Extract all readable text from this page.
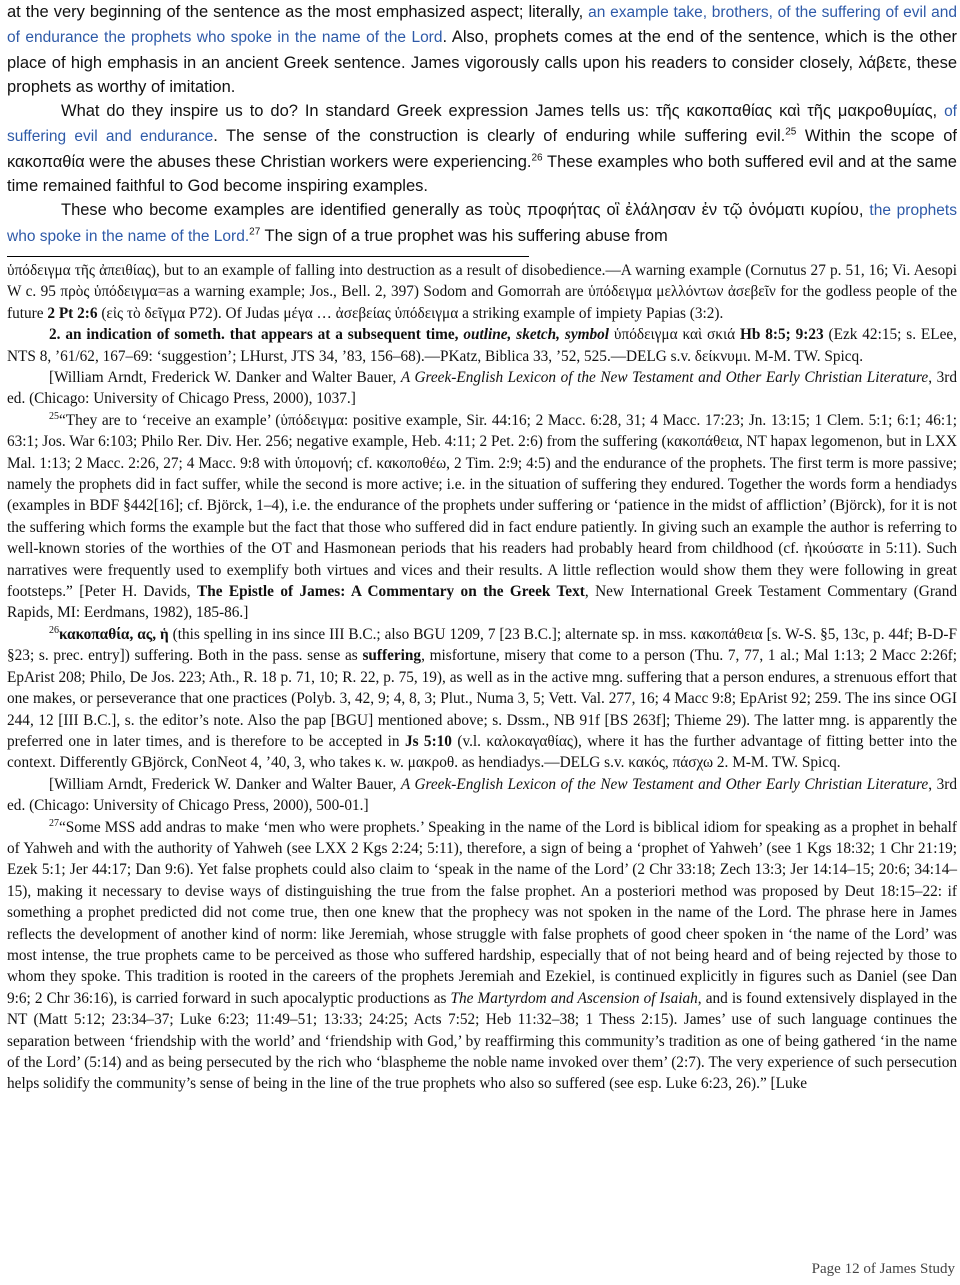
at the very beginning of the sentence as the most emphasized aspect; literally, an example take, brothers, of the suffering of evil and of endurance the prophets who spoke in the name of the Lord. Also, prophets comes at the end of the sentence, which is the other place of high emphasis in an ancient Greek sentence. James vigorously calls upon his readers to consider closely, λάβετε, these prophets as worthy of imitation.

What do they inspire us to do? In standard Greek expression James tells us: τῆς κακοπαθίας καὶ τῆς μακροθυμίας, of suffering evil and endurance. The sense of the construction is clearly of enduring while suffering evil.$^{25}$ Within the scope of κακοπαθία were the abuses these Christian workers were experiencing.$^{26}$ These examples who both suffered evil and at the same time remained faithful to God become inspiring examples.

These who become examples are identified generally as τοὺς προφήτας οἳ ἐλάλησαν ἐν τῷ ὀνόματι κυρίου, the prophets who spoke in the name of the Lord.$^{27}$ The sign of a true prophet was his suffering abuse from

ὑπόδειγμα τῆς ἀπειθίας), but to an example of falling into destruction as a result of disobedience.—A warning example (Cornutus 27 p. 51, 16; Vi. Aesopi W c. 95 πρὸς ὑπόδειγμα=as a warning example; Jos., Bell. 2, 397) Sodom and Gomorrah are ὑπόδειγμα μελλόντων ἀσεβεῖν for the godless people of the future 2 Pt 2:6 (εἰς τὸ δεῖγμα P72). Of Judas μέγα … ἀσεβείας ὑπόδειγμα a striking example of impiety Papias (3:2).

2. an indication of someth. that appears at a subsequent time, outline, sketch, symbol ὑπόδειγμα καὶ σκιά Hb 8:5; 9:23 (Ezk 42:15; s. ELee, NTS 8, ’61/62, 167–69: ‘suggestion’; LHurst, JTS 34, ’83, 156–68).—PKatz, Biblica 33, ’52, 525.—DELG s.v. δείκνυμι. M-M. TW. Spicq.

[William Arndt, Frederick W. Danker and Walter Bauer, A Greek-English Lexicon of the New Testament and Other Early Christian Literature, 3rd ed. (Chicago: University of Chicago Press, 2000), 1037.]

$^{25}$“They are to ‘receive an example’ (ὑπόδειγμα: positive example, Sir. 44:16; 2 Macc. 6:28, 31; 4 Macc. 17:23; Jn. 13:15; 1 Clem. 5:1; 6:1; 46:1; 63:1; Jos. War 6:103; Philo Rer. Div. Her. 256; negative example, Heb. 4:11; 2 Pet. 2:6) from the suffering (κακοπάθεια, NT hapax legomenon, but in LXX Mal. 1:13; 2 Macc. 2:26, 27; 4 Macc. 9:8 with ὑπομονή; cf. κακοποθέω, 2 Tim. 2:9; 4:5) and the endurance of the prophets. The first term is more passive; namely the prophets did in fact suffer, while the second is more active; i.e. in the situation of suffering they endured. Together the words form a hendiadys (examples in BDF §442[16]; cf. Björck, 1–4), i.e. the endurance of the prophets under suffering or ‘patience in the midst of affliction’ (Björck), for it is not the suffering which forms the example but the fact that those who suffered did in fact endure patiently. In giving such an example the author is referring to well-known stories of the worthies of the OT and Hasmonean periods that his readers had probably heard from childhood (cf. ἠκούσατε in 5:11). Such narratives were frequently used to exemplify both virtues and vices and their results. A little reflection would show them they were following in great footsteps.” [Peter H. Davids, The Epistle of James: A Commentary on the Greek Text, New International Greek Testament Commentary (Grand Rapids, MI: Eerdmans, 1982), 185-86.]

$^{26}$κακοπαθία, ας, ἡ (this spelling in ins since III B.C.; also BGU 1209, 7 [23 B.C.]; alternate sp. in mss. κακοπάθεια [s. W-S. §5, 13c, p. 44f; B-D-F §23; s. prec. entry]) suffering. Both in the pass. sense as suffering, misfortune, misery that come to a person (Thu. 7, 77, 1 al.; Mal 1:13; 2 Macc 2:26f; EpArist 208; Philo, De Jos. 223; Ath., R. 18 p. 71, 10; R. 22, p. 75, 19), as well as in the active mng. suffering that a person endures, a strenuous effort that one makes, or perseverance that one practices (Polyb. 3, 42, 9; 4, 8, 3; Plut., Numa 3, 5; Vett. Val. 277, 16; 4 Macc 9:8; EpArist 92; 259. The ins since OGI 244, 12 [III B.C.], s. the editor’s note. Also the pap [BGU] mentioned above; s. Dssm., NB 91f [BS 263f]; Thieme 29). The latter mng. is apparently the preferred one in later times, and is therefore to be accepted in Js 5:10 (v.l. καλοκαγαθίας), where it has the further advantage of fitting better into the context. Differently GBjörck, ConNeot 4, ’40, 3, who takes κ. w. μακροθ. as hendiadys.—DELG s.v. κακός, πάσχω 2. M-M. TW. Spicq.

[William Arndt, Frederick W. Danker and Walter Bauer, A Greek-English Lexicon of the New Testament and Other Early Christian Literature, 3rd ed. (Chicago: University of Chicago Press, 2000), 500-01.]

$^{27}$“Some MSS add andras to make ‘men who were prophets.’ Speaking in the name of the Lord is biblical idiom for speaking as a prophet in behalf of Yahweh and with the authority of Yahweh (see LXX 2 Kgs 2:24; 5:11), therefore, a sign of being a ‘prophet of Yahweh’ (see 1 Kgs 18:32; 1 Chr 21:19; Ezek 5:1; Jer 44:17; Dan 9:6). Yet false prophets could also claim to ‘speak in the name of the Lord’ (2 Chr 33:18; Zech 13:3; Jer 14:14–15; 20:6; 34:14–15), making it necessary to devise ways of distinguishing the true from the false prophet. An a posteriori method was proposed by Deut 18:15–22: if something a prophet predicted did not come true, then one knew that the prophecy was not spoken in the name of the Lord. The phrase here in James reflects the development of another kind of norm: like Jeremiah, whose struggle with false prophets of good cheer spoken in ‘the name of the Lord’ was most intense, the true prophets came to be perceived as those who suffered hardship, especially that of not being heard and of being rejected by those to whom they spoke. This tradition is rooted in the careers of the prophets Jeremiah and Ezekiel, is continued explicitly in figures such as Daniel (see Dan 9:6; 2 Chr 36:16), is carried forward in such apocalyptic productions as The Martyrdom and Ascension of Isaiah, and is found extensively displayed in the NT (Matt 5:12; 23:34–37; Luke 6:23; 11:49–51; 13:33; 24:25; Acts 7:52; Heb 11:32–38; 1 Thess 2:15). James’ use of such language continues the separation between ‘friendship with the world’ and ‘friendship with God,’ by reaffirming this community’s tradition as one of being gathered ‘in the name of the Lord’ (5:14) and as being persecuted by the rich who ‘blaspheme the noble name invoked over them’ (2:7). The very experience of such persecution helps solidify the community’s sense of being in the line of the true prophets who also so suffered (see esp. Luke 6:23, 26).” [Luke

Page 12 of James Study
